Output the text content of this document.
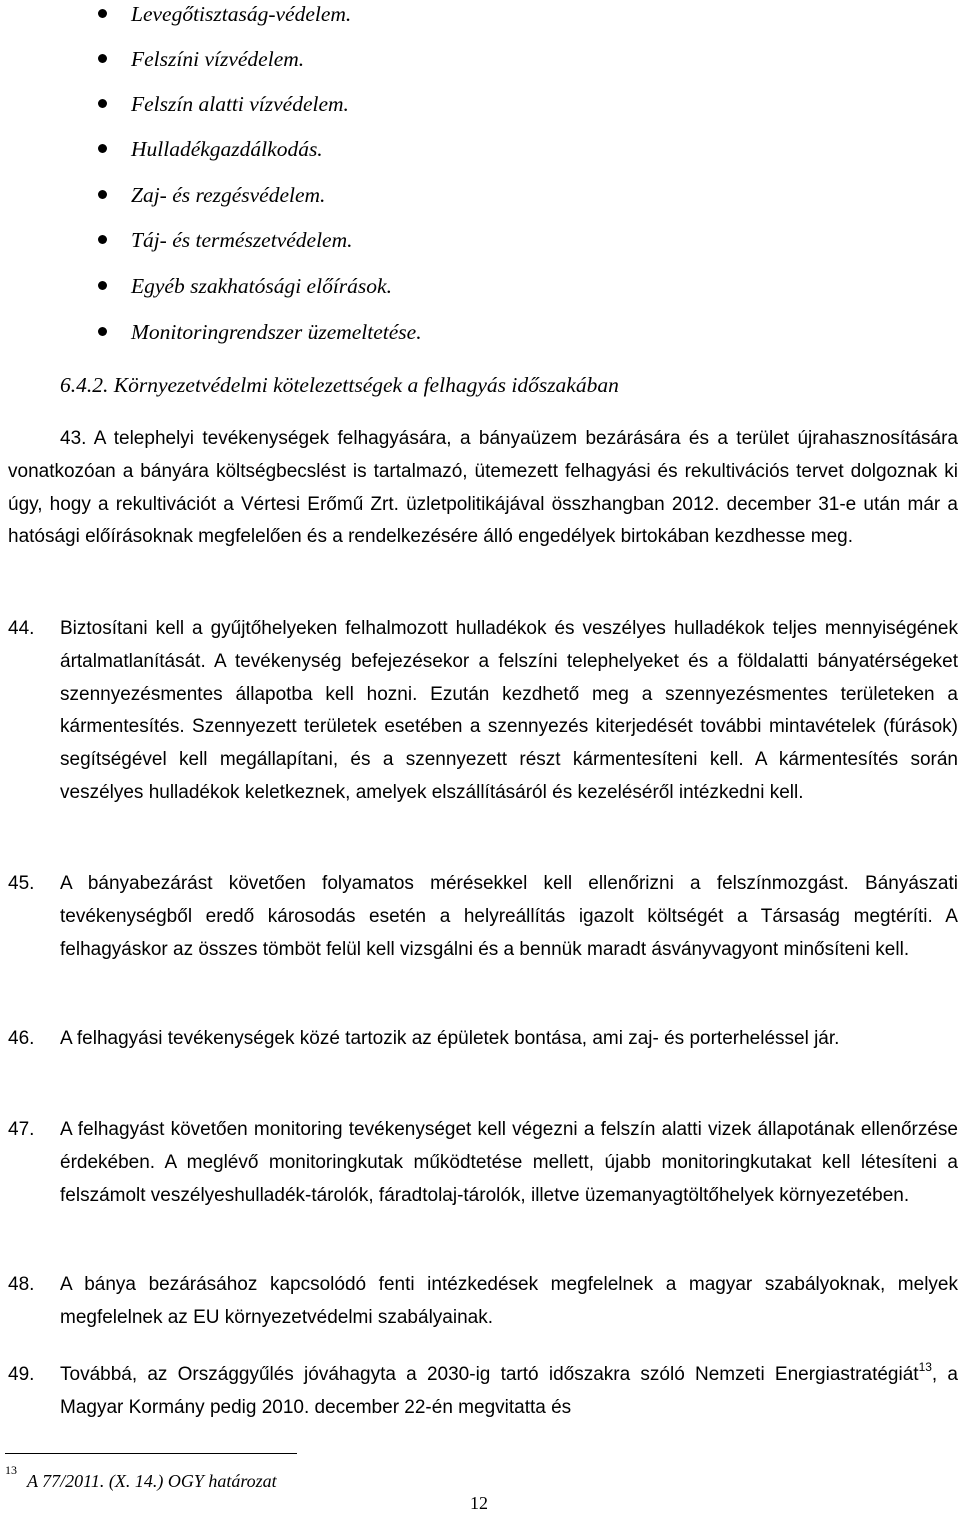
Levegőtisztaság-védelem.
Felszíni vízvédelem.
Felszín alatti vízvédelem.
Hulladékgazdálkodás.
Zaj- és rezgésvédelem.
Táj- és természetvédelem.
Egyéb szakhatósági előírások.
Monitoringrendszer üzemeltetése.
6.4.2. Környezetvédelmi kötelezettségek a felhagyás időszakában
43. A telephelyi tevékenységek felhagyására, a bányaüzem bezárására és a terület újrahasznosítására vonatkozóan a bányára költségbecslést is tartalmazó, ütemezett felhagyási és rekultivációs tervet dolgoznak ki úgy, hogy a rekultivációt a Vértesi Erőmű Zrt. üzletpolitikájával összhangban 2012. december 31-e után már a hatósági előírásoknak megfelelően és a rendelkezésére álló engedélyek birtokában kezdhesse meg.
44. Biztosítani kell a gyűjtőhelyeken felhalmozott hulladékok és veszélyes hulladékok teljes mennyiségének ártalmatlanítását. A tevékenység befejezésekor a felszíni telephelyeket és a földalatti bányatérségeket szennyezésmentes állapotba kell hozni. Ezután kezdhető meg a szennyezésmentes területeken a kármentesítés. Szennyezett területek esetében a szennyezés kiterjedését további mintavételek (fúrások) segítségével kell megállapítani, és a szennyezett részt kármentesíteni kell. A kármentesítés során veszélyes hulladékok keletkeznek, amelyek elszállításáról és kezeléséről intézkedni kell.
45. A bányabezárást követően folyamatos mérésekkel kell ellenőrizni a felszínmozgást. Bányászati tevékenységből eredő károsodás esetén a helyreállítás igazolt költségét a Társaság megtéríti. A felhagyáskor az összes tömböt felül kell vizsgálni és a bennük maradt ásványvagyont minősíteni kell.
46. A felhagyási tevékenységek közé tartozik az épületek bontása, ami zaj- és porterheléssel jár.
47. A felhagyást követően monitoring tevékenységet kell végezni a felszín alatti vizek állapotának ellenőrzése érdekében. A meglévő monitoringkutak működtetése mellett, újabb monitoringkutakat kell létesíteni a felszámolt veszélyeshulladék-tárolók, fáradtolaj-tárolók, illetve üzemanyagtöltőhelyek környezetében.
48. A bánya bezárásához kapcsolódó fenti intézkedések megfelelnek a magyar szabályoknak, melyek megfelelnek az EU környezetvédelmi szabályainak.
49. Továbbá, az Országgyűlés jóváhagyta a 2030-ig tartó időszakra szóló Nemzeti Energiastratégiát$^{13}$, a Magyar Kormány pedig 2010. december 22-én megvitatta és
13
A 77/2011. (X. 14.) OGY határozat
12
